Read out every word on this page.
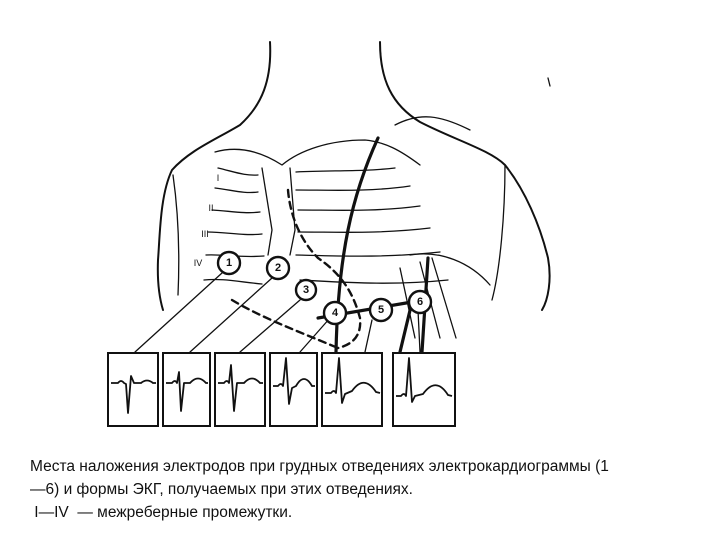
I
II
III
IV 1	2
3
4	5
6
Места наложения электродов при грудных отведениях электрокардиограммы (1
—6) и формы ЭКГ, получаемых при этих отведениях.
I—IV  — межреберные промежутки.
